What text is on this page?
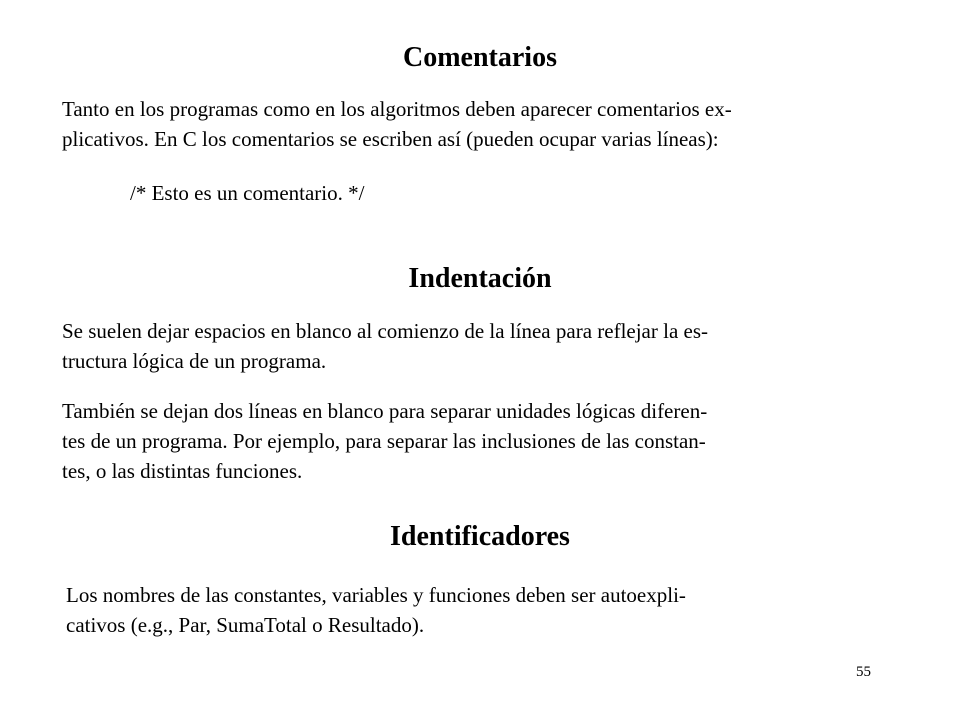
Comentarios

Tanto en los programas como en los algoritmos deben aparecer comentarios ex-
plicativos. En C los comentarios se escriben así (pueden ocupar varias líneas):

/* Esto es un comentario. */

Indentación

Se suelen dejar espacios en blanco al comienzo de la línea para reflejar la es-
tructura lógica de un programa.

También se dejan dos líneas en blanco para separar unidades lógicas diferen-
tes de un programa. Por ejemplo, para separar las inclusiones de las constan-
tes, o las distintas funciones.

Identificadores

Los nombres de las constantes, variables y funciones deben ser autoexpli-
cativos (e.g., Par, SumaTotal o Resultado).

55
